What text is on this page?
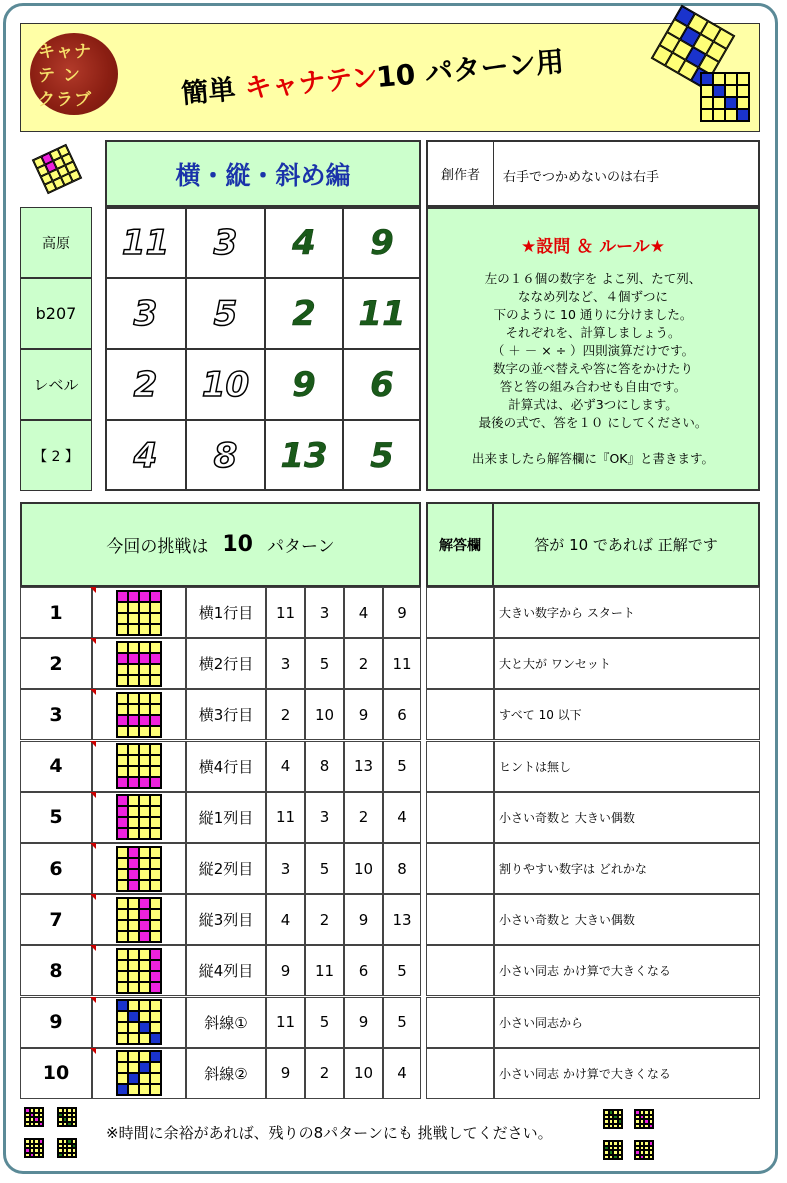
キャナ
テ ン
クラブ	簡単 キャナテン
10 パターン用
横・縦・斜め編	創作者	右手でつかめないのは右手
高原
b207
レベル
【 2 】
11	3	4	9
3	5	2	11
2	10	9	6
4	8	13	5
★設問 ＆ ルール★
左の１６個の数字を よこ列、たて列、
ななめ列など、４個ずつに
下のように 10 通りに分けました。
それぞれを、計算しましょう。
（ ＋ － × ÷ ）四則演算だけです。
数字の並べ替えや答に答をかけたり
答と答の組み合わせも自由です。
計算式は、必ず3つにします。
最後の式で、答を１０ にしてください。
出来ましたら解答欄に『OK』と書きます。
今回の挑戦は 10 パターン	解答欄	答が 10 であれば 正解です
1	横1行目	11	3	4	9	大きい数字から スタート
2	横2行目	3	5	2	11	大と大が ワンセット
3	横3行目	2	10	9	6	すべて 10 以下
4	横4行目	4	8	13	5	ヒントは無し
5	縦1列目	11	3	2	4	小さい奇数と 大きい偶数
6	縦2列目	3	5	10	8	割りやすい数字は どれかな
7	縦3列目	4	2	9	13	小さい奇数と 大きい偶数
8	縦4列目	9	11	6	5	小さい同志 かけ算で大きくなる
9	斜線①	11	5	9	5	小さい同志から
10	斜線②	9	2	10	4	小さい同志 かけ算で大きくなる
※時間に余裕があれば、残りの8パターンにも 挑戦してください。
